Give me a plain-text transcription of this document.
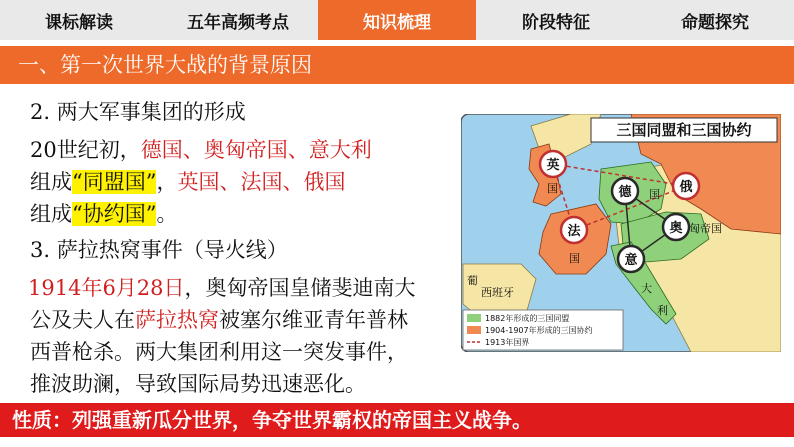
课标解读	五年高频考点	知识梳理	阶段特征	命题探究
一、第一次世界大战的背景原因
2. 两大军事集团的形成
20世纪初，德国、奥匈帝国、意大利
组成“同盟国”，英国、法国、俄国
组成“协约国”。
3. 萨拉热窝事件（导火线）
1914年6月28日，奥匈帝国皇储斐迪南大
公及夫人在萨拉热窝被塞尔维亚青年普林
西普枪杀。两大集团利用这一突发事件，
推波助澜，导致国际局势迅速恶化。
性质：列强重新瓜分世界，争夺世界霸权的帝国主义战争。
三国同盟和三国协约
英
法
德
奥
意
俄
国
国
国
匈帝国
大
利
西班牙
葡
1882年形成的三国同盟
1904-1907年形成的三国协约
1913年国界
